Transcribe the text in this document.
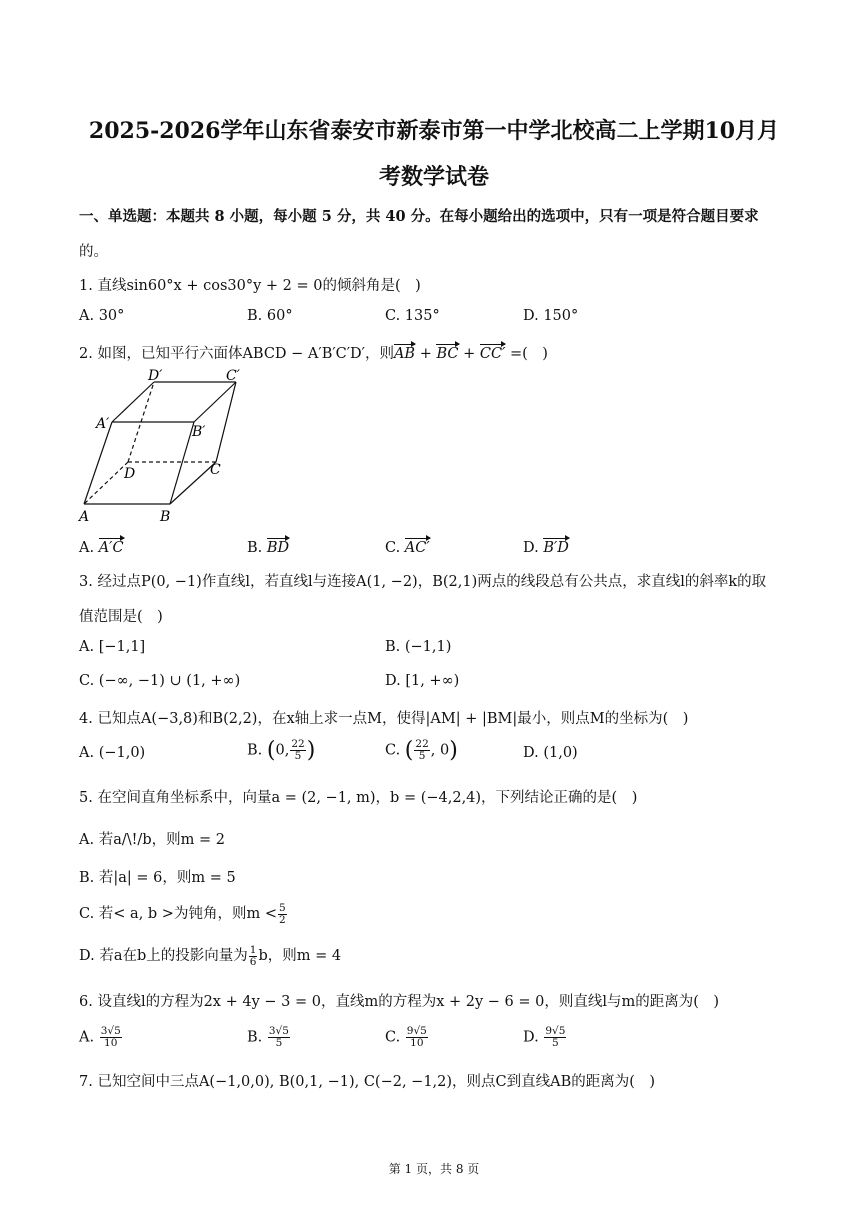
2025-2026学年山东省泰安市新泰市第一中学北校高二上学期10月月
考数学试卷
一、单选题：本题共 8 小题，每小题 5 分，共 40 分。在每小题给出的选项中，只有一项是符合题目要求
的。
1. 直线sin60°x + cos30°y + 2 = 0的倾斜角是(　)
A. 30°	B. 60°	C. 135°	D. 150°
2. 如图，已知平行六面体ABCD − A′B′C′D′，则AB + BC + CC′ =(　)
A	B
C
D
A′	B′
C′
D′
A. A′C	B. BD	C. AC′	D. B′D
3. 经过点P(0, −1)作直线l，若直线l与连接A(1, −2)，B(2,1)两点的线段总有公共点，求直线l的斜率k的取
值范围是(　)
A. [−1,1]	B. (−1,1)
C. (−∞, −1) ∪ (1, +∞)	D. [1, +∞)
4. 已知点A(−3,8)和B(2,2)，在x轴上求一点M，使得|AM| + |BM|最小，则点M的坐标为(　)
A. (−1,0)	B. (0, $\frac{22}{5}$ )	C. ( $\frac{22}{5}$ , 0)	D. (1,0)
5. 在空间直角坐标系中，向量a = (2, −1, m)，b = (−4,2,4)，下列结论正确的是(　)
A. 若a/\!/b，则m = 2
B. 若|a| = 6，则m = 5
C. 若< a, b >为钝角，则$m < \frac{5}{2}$
D. 若a在b上的投影向量为 $\frac{1}{6}$ b，则m = 4
6. 设直线l的方程为2x + 4y − 3 = 0，直线m的方程为x + 2y − 6 = 0，则直线l与m的距离为(　)
A. $\frac{3√5}{10}$	B. $\frac{3√5}{5}$	C. $\frac{9√5}{10}$	D. $\frac{9√5}{5}$
7. 已知空间中三点A(−1,0,0), B(0,1, −1), C(−2, −1,2)，则点C到直线AB的距离为(　)
第 1 页，共 8 页
